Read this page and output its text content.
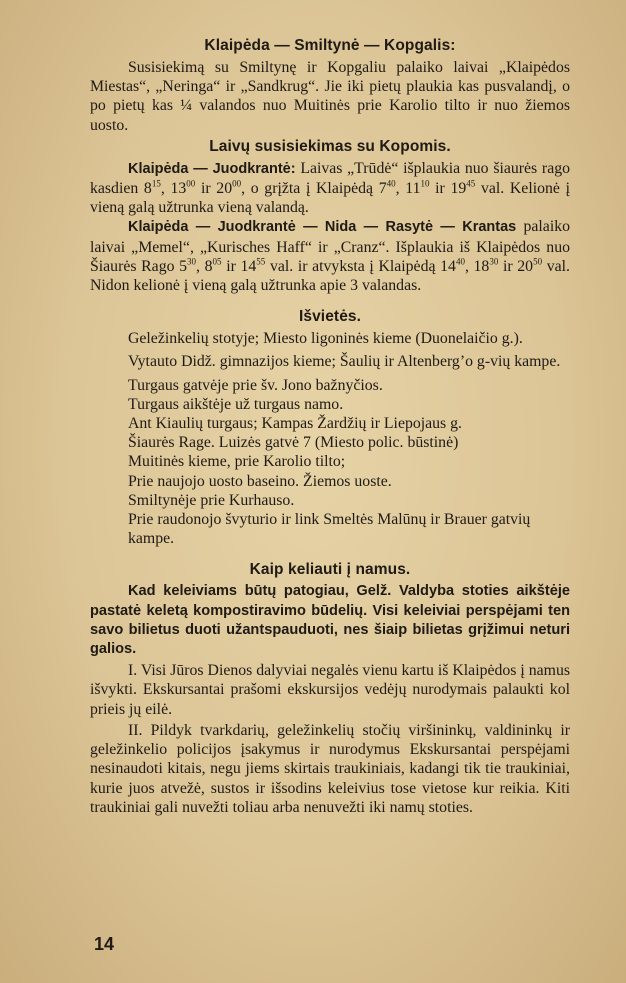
Klaipėda — Smiltynė — Kopgalis:

Susisiekimą su Smiltynę ir Kopgaliu palaiko laivai „Klaipėdos Miestas“, „Neringa“ ir „Sandkrug“. Jie iki pietų plaukia kas pusvalandį, o po pietų kas ¼ valandos nuo Muitinės prie Karolio tilto ir nuo žiemos uosto.

Laivų susisiekimas su Kopomis.

Klaipėda — Juodkrantė: Laivas „Trūdė“ išplaukia nuo šiaurės rago kasdien $8^{15}$, $13^{00}$ ir $20^{00}$, o grįžta į Klaipėdą $7^{40}$, $11^{10}$ ir $19^{45}$ val. Kelionė į vieną galą užtrunka vieną valandą.

Klaipėda — Juodkrantė — Nida — Rasytė — Krantas palaiko laivai „Memel“, „Kurisches Haff“ ir „Cranz“. Išplaukia iš Klaipėdos nuo Šiaurės Rago $5^{30}$, $8^{05}$ ir $14^{55}$ val. ir atvyksta į Klaipėdą $14^{40}$, $18^{30}$ ir $20^{50}$ val. Nidon kelionė į vieną galą užtrunka apie 3 valandas.

Išvietės.
Geležinkelių stotyje; Miesto ligoninės kieme (Duonelaičio g.).
Vytauto Didž. gimnazijos kieme; Šaulių ir Altenberg’o g-vių kampe.
Turgaus gatvėje prie šv. Jono bažnyčios.
Turgaus aikštėje už turgaus namo.
Ant Kiaulių turgaus; Kampas Žardžių ir Liepojaus g.
Šiaurės Rage. Luizės gatvė 7 (Miesto polic. būstinė)
Muitinės kieme, prie Karolio tilto;
Prie naujojo uosto baseino. Žiemos uoste.
Smiltynėje prie Kurhauso.
Prie raudonojo švyturio ir link Smeltės Malūnų ir Brauer gatvių kampe.
Kaip keliauti į namus.

Kad keleiviams būtų patogiau, Gelž. Valdyba stoties aikštėje pastatė keletą kompostiravimo būdelių. Visi keleiviai perspėjami ten savo bilietus duoti užantspauduoti, nes šiaip bilietas grįžimui neturi galios.

I. Visi Jūros Dienos dalyviai negalės vienu kartu iš Klaipėdos į namus išvykti. Ekskursantai prašomi ekskursijos vedėjų nurodymais palaukti kol prieis jų eilė.

II. Pildyk tvarkdarių, geležinkelių stočių viršininkų, valdininkų ir geležinkelio policijos įsakymus ir nurodymus Ekskursantai perspėjami nesinaudoti kitais, negu jiems skirtais traukiniais, kadangi tik tie traukiniai, kurie juos atvežė, sustos ir išsodins keleivius tose vietose kur reikia. Kiti traukiniai gali nuvežti toliau arba nenuvežti iki namų stoties.

14
